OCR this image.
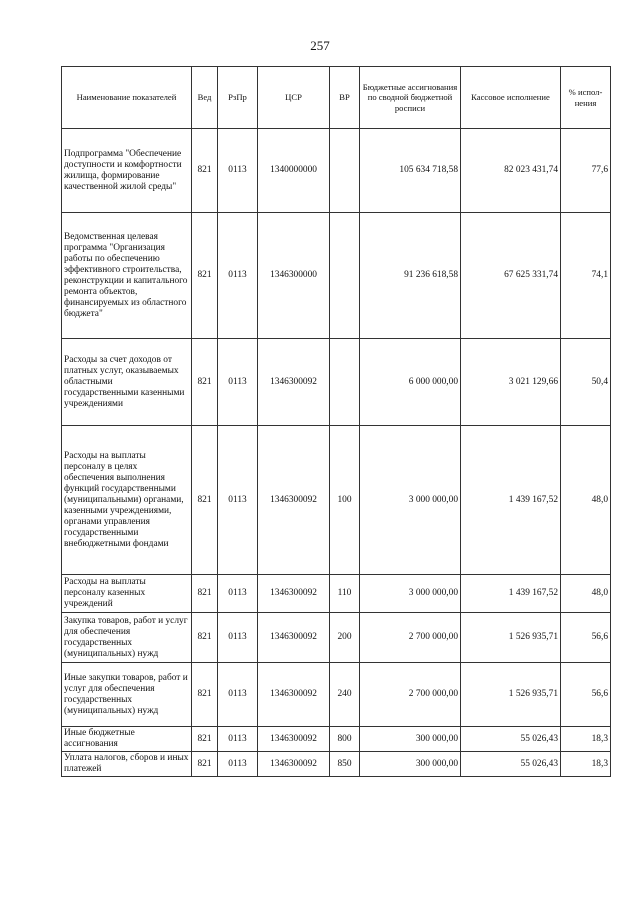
257
Наименование показателей	Вед	РзПр	ЦСР	ВР	Бюджетные ассигнования по сводной бюджетной росписи	Кассовое исполнение	% испол-нения
Подпрограмма "Обеспечение доступности и комфортности жилища, формирование качественной жилой среды"	821	0113	1340000000		105 634 718,58	82 023 431,74	77,6
Ведомственная целевая программа "Организация работы по обеспечению эффективного строительства, реконструкции и капитального ремонта объектов, финансируемых из областного бюджета"	821	0113	1346300000		91 236 618,58	67 625 331,74	74,1
Расходы за счет доходов от платных услуг, оказываемых областными государственными казенными учреждениями	821	0113	1346300092		6 000 000,00	3 021 129,66	50,4
Расходы на выплаты персоналу в целях обеспечения выполнения функций государственными (муниципальными) органами, казенными учреждениями, органами управления государственными внебюджетными фондами	821	0113	1346300092	100	3 000 000,00	1 439 167,52	48,0
Расходы на выплаты персоналу казенных учреждений	821	0113	1346300092	110	3 000 000,00	1 439 167,52	48,0
Закупка товаров, работ и услуг для обеспечения государственных (муниципальных) нужд	821	0113	1346300092	200	2 700 000,00	1 526 935,71	56,6
Иные закупки товаров, работ и услуг для обеспечения государственных (муниципальных) нужд	821	0113	1346300092	240	2 700 000,00	1 526 935,71	56,6
Иные бюджетные ассигнования	821	0113	1346300092	800	300 000,00	55 026,43	18,3
Уплата налогов, сборов и иных платежей	821	0113	1346300092	850	300 000,00	55 026,43	18,3
